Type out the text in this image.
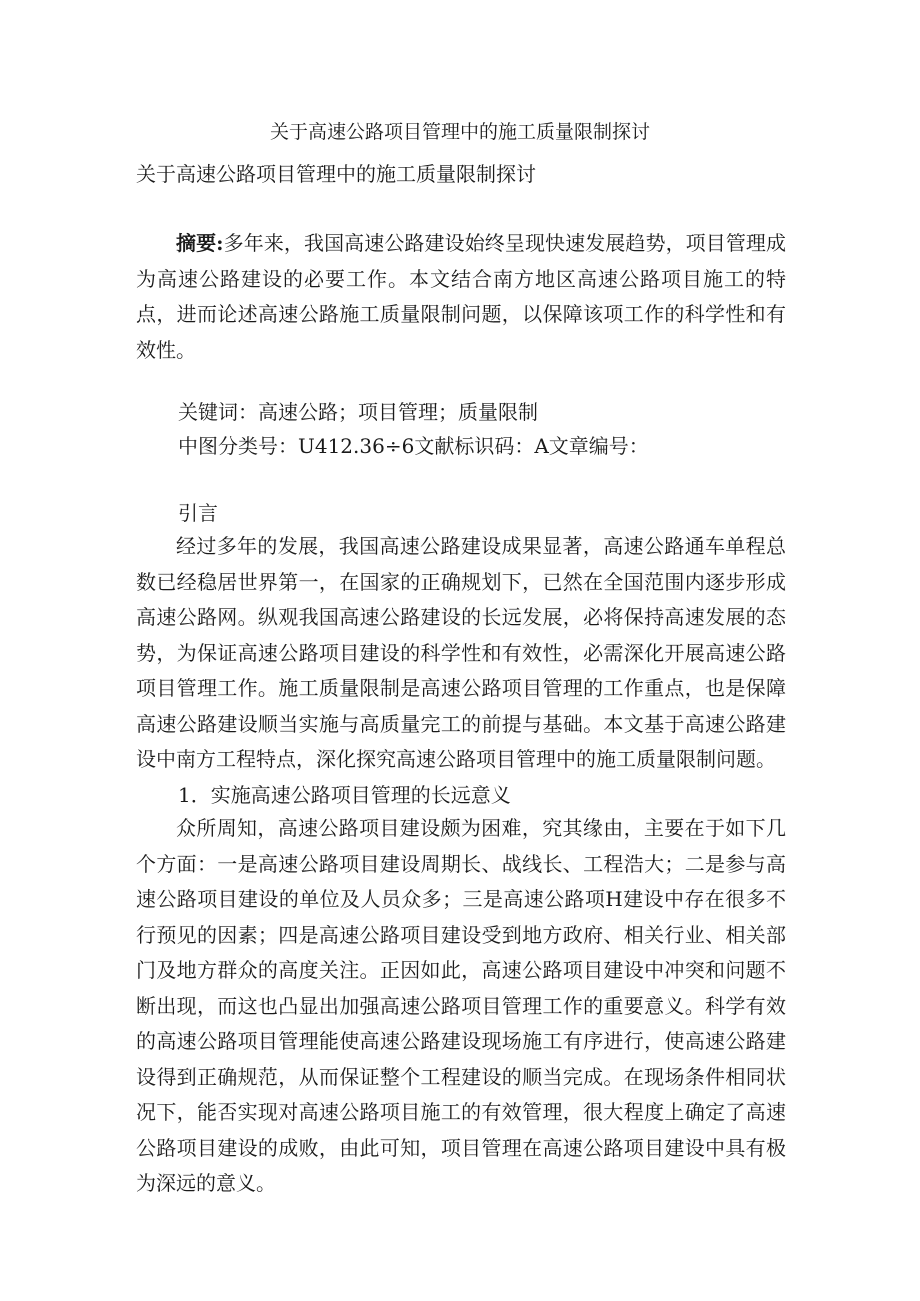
关于高速公路项目管理中的施工质量限制探讨
关于高速公路项目管理中的施工质量限制探讨

摘要:多年来，我国高速公路建设始终呈现快速发展趋势，项目管理成为高速公路建设的必要工作。本文结合南方地区高速公路项目施工的特点，进而论述高速公路施工质量限制问题，以保障该项工作的科学性和有效性。

关键词：高速公路；项目管理；质量限制
中图分类号：U412.36÷6文献标识码：A文章编号：
引言

经过多年的发展，我国高速公路建设成果显著，高速公路通车单程总数已经稳居世界第一，在国家的正确规划下，已然在全国范围内逐步形成高速公路网。纵观我国高速公路建设的长远发展，必将保持高速发展的态势，为保证高速公路项目建设的科学性和有效性，必需深化开展高速公路项目管理工作。施工质量限制是高速公路项目管理的工作重点，也是保障高速公路建设顺当实施与高质量完工的前提与基础。本文基于高速公路建设中南方工程特点，深化探究高速公路项目管理中的施工质量限制问题。

1．实施高速公路项目管理的长远意义

众所周知，高速公路项目建设颇为困难，究其缘由，主要在于如下几个方面：一是高速公路项目建设周期长、战线长、工程浩大；二是参与高速公路项目建设的单位及人员众多；三是高速公路项H建设中存在很多不行预见的因素；四是高速公路项目建设受到地方政府、相关行业、相关部门及地方群众的高度关注。正因如此，高速公路项目建设中冲突和问题不断出现，而这也凸显出加强高速公路项目管理工作的重要意义。科学有效的高速公路项目管理能使高速公路建设现场施工有序进行，使高速公路建设得到正确规范，从而保证整个工程建设的顺当完成。在现场条件相同状况下，能否实现对高速公路项目施工的有效管理，很大程度上确定了高速公路项目建设的成败，由此可知，项目管理在高速公路项目建设中具有极为深远的意义。
